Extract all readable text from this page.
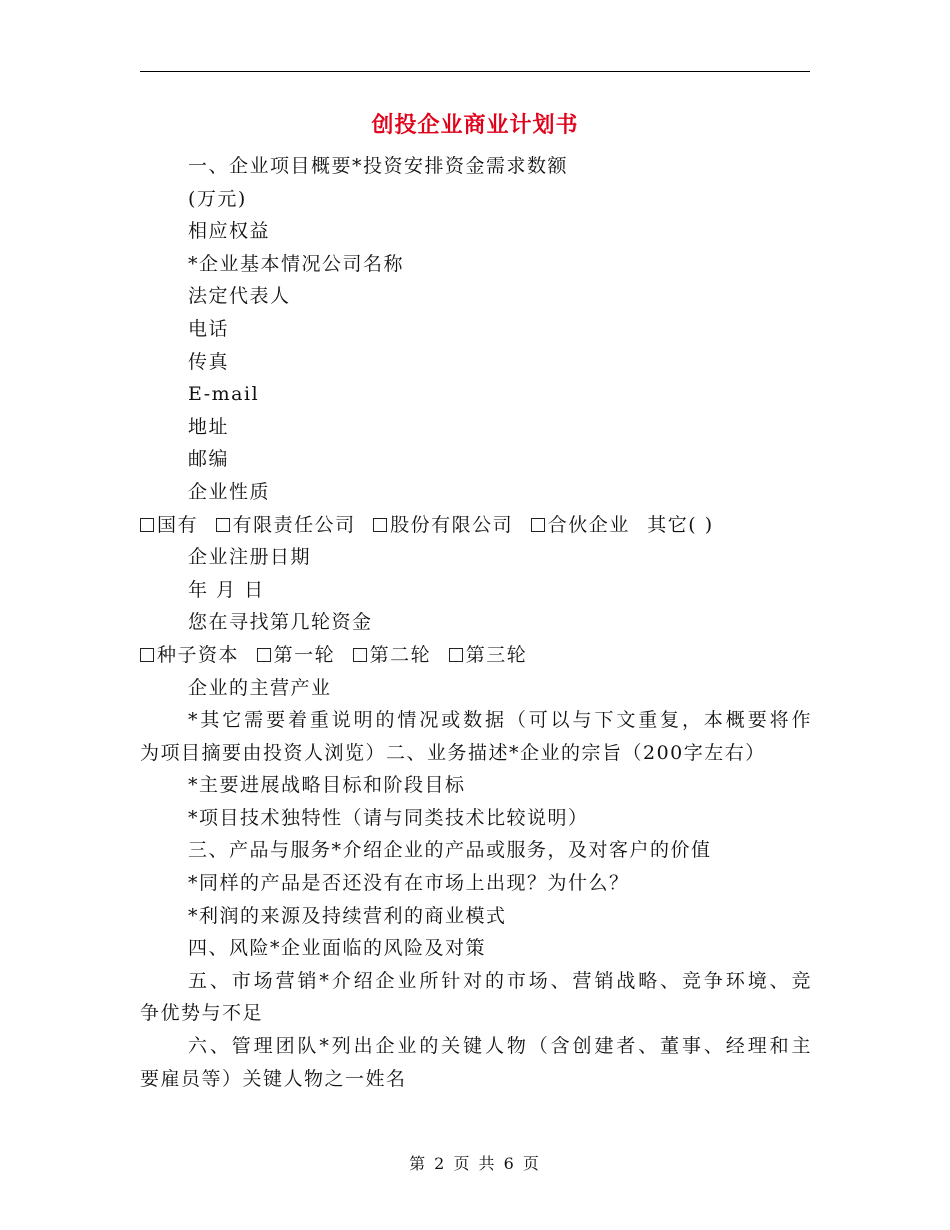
创投企业商业计划书
一、企业项目概要*投资安排资金需求数额
(万元)
相应权益
*企业基本情况公司名称
法定代表人
电话
传真
E-mail
地址
邮编
企业性质
国有 有限责任公司 股份有限公司 合伙企业 其它( )
企业注册日期
年 月 日
您在寻找第几轮资金
种子资本 第一轮 第二轮 第三轮
企业的主营产业
*其它需要着重说明的情况或数据（可以与下文重复，本概要将作
为项目摘要由投资人浏览）二、业务描述*企业的宗旨（200字左右）
*主要进展战略目标和阶段目标
*项目技术独特性（请与同类技术比较说明）
三、产品与服务*介绍企业的产品或服务，及对客户的价值
*同样的产品是否还没有在市场上出现？为什么？
*利润的来源及持续营利的商业模式
四、风险*企业面临的风险及对策
五、市场营销*介绍企业所针对的市场、营销战略、竞争环境、竞
争优势与不足
六、管理团队*列出企业的关键人物（含创建者、董事、经理和主
要雇员等）关键人物之一姓名
第 2 页 共 6 页
